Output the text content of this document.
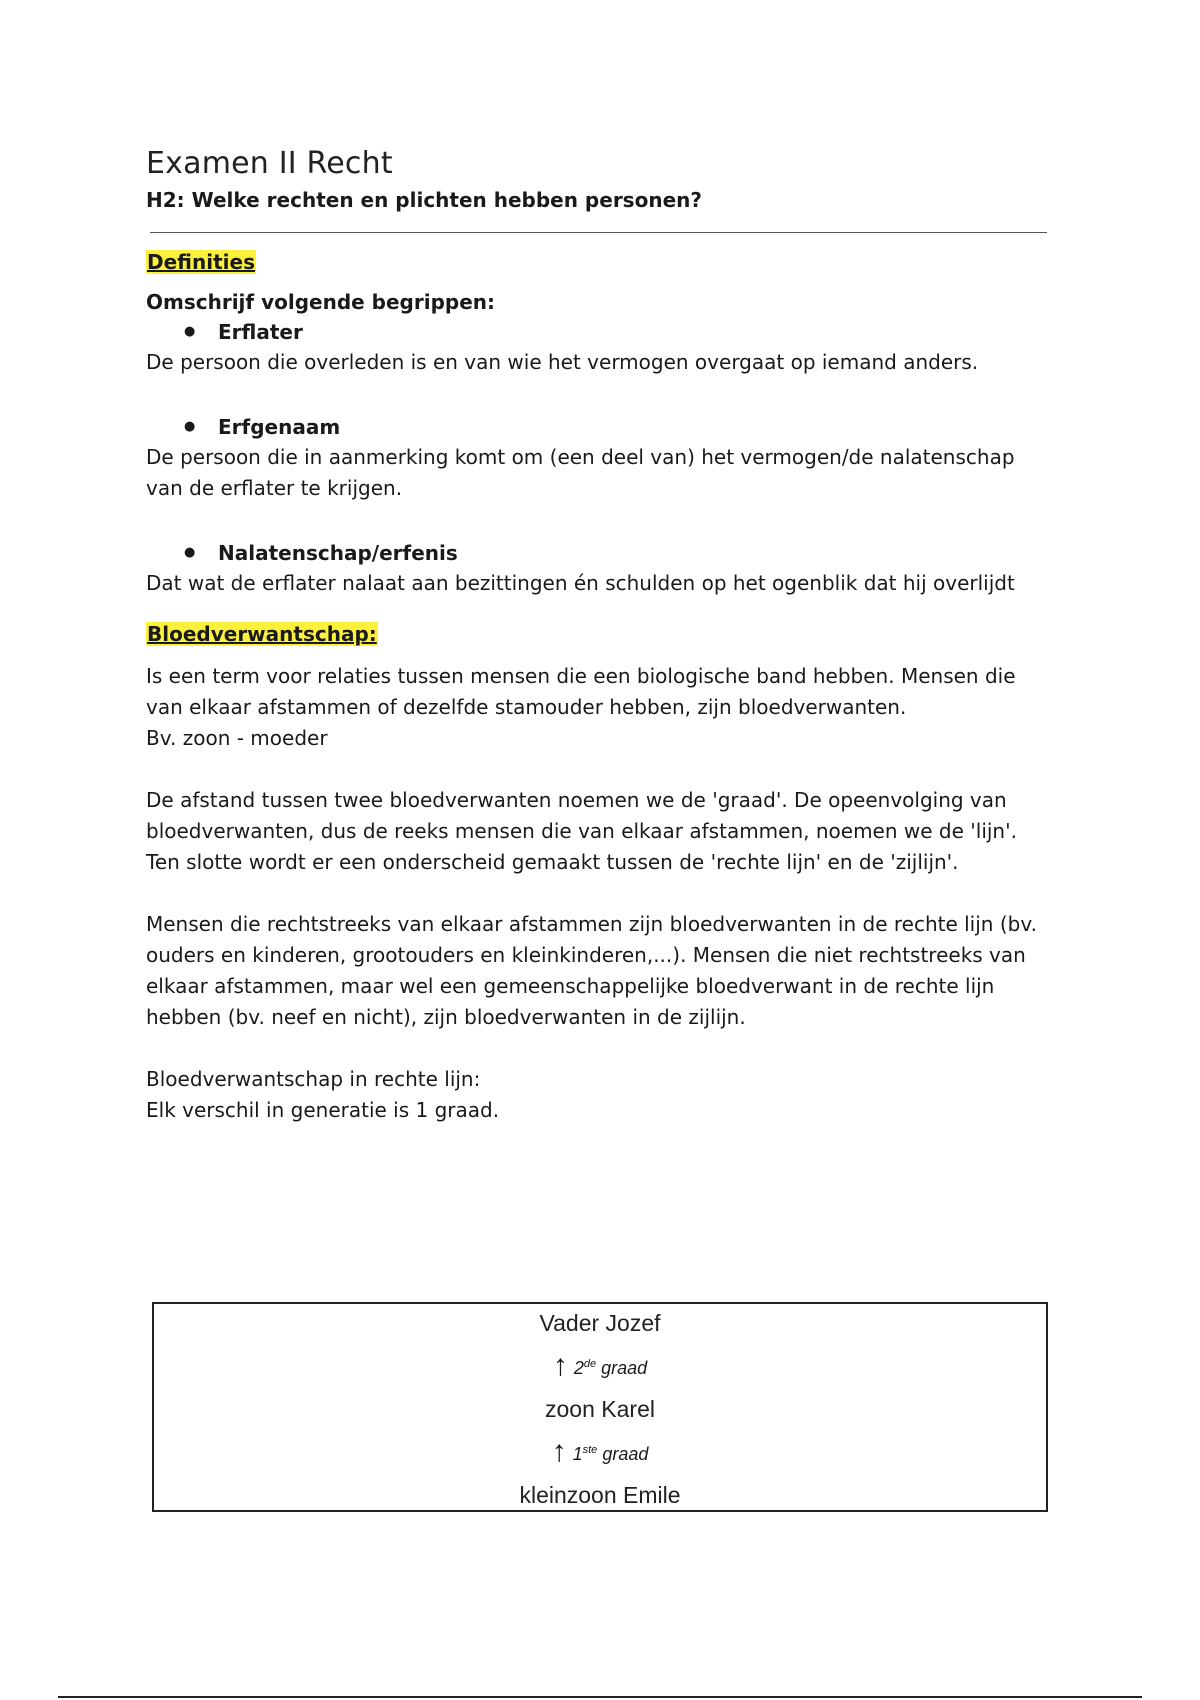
Examen II Recht
H2: Welke rechten en plichten hebben personen?
Definities
Omschrijf volgende begrippen:
● Erflater

De persoon die overleden is en van wie het vermogen overgaat op iemand anders.

● Erfgenaam

De persoon die in aanmerking komt om (een deel van) het vermogen/de nalatenschap van de erflater te krijgen.

● Nalatenschap/erfenis

Dat wat de erflater nalaat aan bezittingen én schulden op het ogenblik dat hij overlijdt

Bloedverwantschap:

Is een term voor relaties tussen mensen die een biologische band hebben. Mensen die van elkaar afstammen of dezelfde stamouder hebben, zijn bloedverwanten.

Bv. zoon - moeder

De afstand tussen twee bloedverwanten noemen we de 'graad'. De opeenvolging van bloedverwanten, dus de reeks mensen die van elkaar afstammen, noemen we de 'lijn'. Ten slotte wordt er een onderscheid gemaakt tussen de 'rechte lijn' en de 'zijlijn'.

Mensen die rechtstreeks van elkaar afstammen zijn bloedverwanten in de rechte lijn (bv. ouders en kinderen, grootouders en kleinkinderen,...). Mensen die niet rechtstreeks van elkaar afstammen, maar wel een gemeenschappelijke bloedverwant in de rechte lijn hebben (bv. neef en nicht), zijn bloedverwanten in de zijlijn.

Bloedverwantschap in rechte lijn:

Elk verschil in generatie is 1 graad.

Vader Jozef
↑ 2de graad
zoon Karel
↑ 1ste graad
kleinzoon Emile
